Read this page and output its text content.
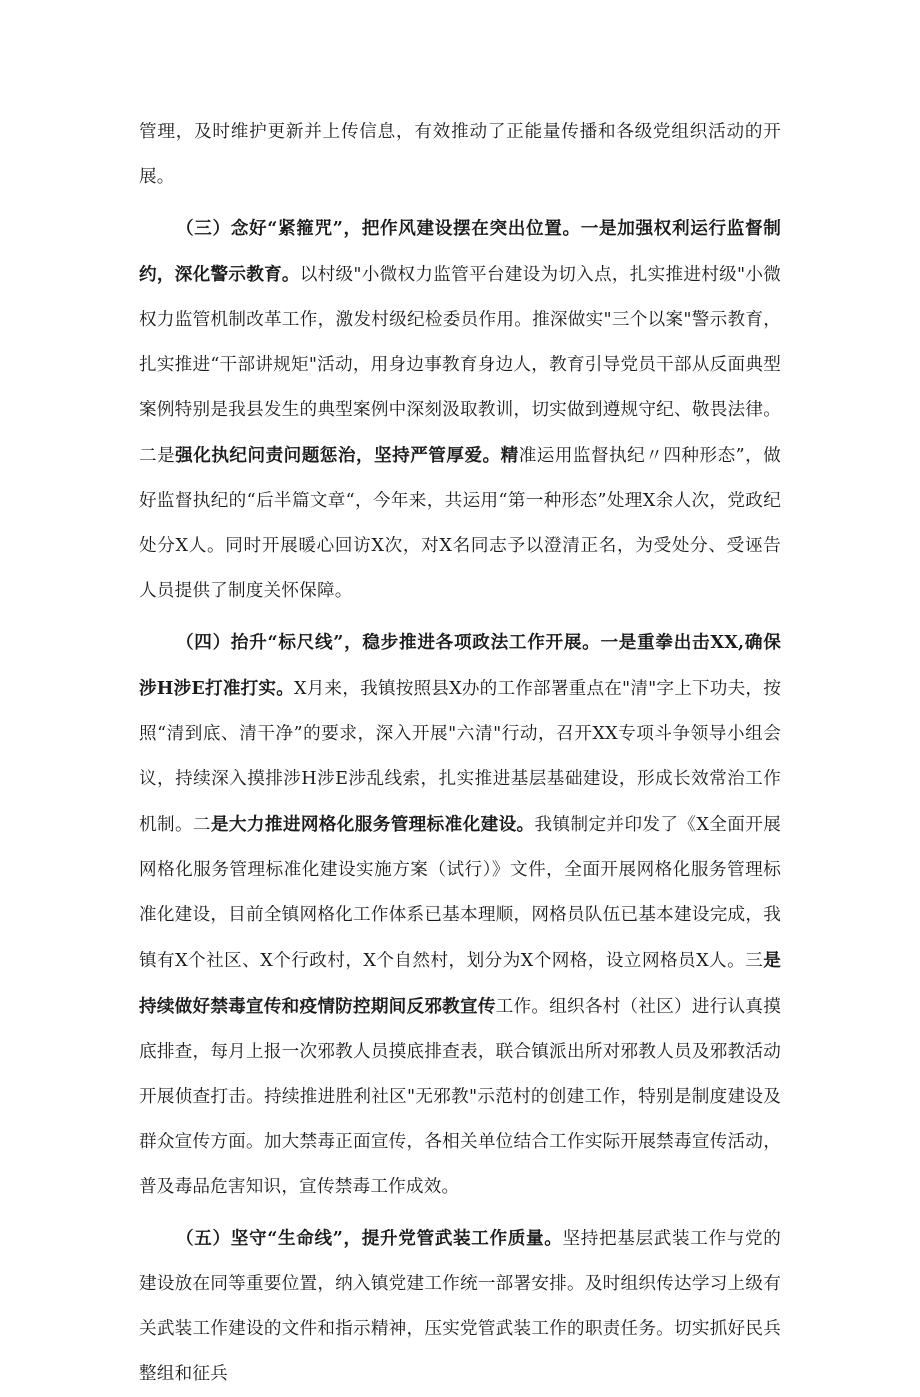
管理，及时维护更新并上传信息，有效推动了正能量传播和各级党组织活动的开展。

（三）念好“紧箍咒”，把作风建设摆在突出位置。一是加强权利运行监督制约，深化警示教育。以村级"小微权力监管平台建设为切入点，扎实推进村级"小微权力监管机制改革工作，激发村级纪检委员作用。推深做实"三个以案"警示教育，扎实推进“干部讲规矩"活动，用身边事教育身边人，教育引导党员干部从反面典型案例特别是我县发生的典型案例中深刻汲取教训，切实做到遵规守纪、敬畏法律。二是强化执纪问责问题惩治，坚持严管厚爱。精准运用监督执纪〃四种形态”，做好监督执纪的“后半篇文章“，今年来，共运用“第一种形态”处理X余人次，党政纪处分X人。同时开展暖心回访X次，对X名同志予以澄清正名，为受处分、受诬告人员提供了制度关怀保障。

（四）抬升“标尺线”，稳步推进各项政法工作开展。一是重拳出击XX,确保涉H涉E打准打实。X月来，我镇按照县X办的工作部署重点在"清"字上下功夫，按照“清到底、清干净”的要求，深入开展"六清"行动，召开XX专项斗争领导小组会议，持续深入摸排涉H涉E涉乱线索，扎实推进基层基础建设，形成长效常治工作机制。二是大力推进网格化服务管理标准化建设。我镇制定并印发了《X全面开展网格化服务管理标准化建设实施方案（试行）》文件，全面开展网格化服务管理标准化建设，目前全镇网格化工作体系已基本理顺，网格员队伍已基本建设完成，我镇有X个社区、X个行政村，X个自然村，划分为X个网格，设立网格员X人。三是持续做好禁毒宣传和疫情防控期间反邪教宣传工作。组织各村（社区）进行认真摸底排查，每月上报一次邪教人员摸底排查表，联合镇派出所对邪教人员及邪教活动开展侦查打击。持续推进胜利社区"无邪教"示范村的创建工作，特别是制度建设及群众宣传方面。加大禁毒正面宣传，各相关单位结合工作实际开展禁毒宣传活动，普及毒品危害知识，宣传禁毒工作成效。

（五）坚守“生命线”，提升党管武装工作质量。坚持把基层武装工作与党的建设放在同等重要位置，纳入镇党建工作统一部署安排。及时组织传达学习上级有关武装工作建设的文件和指示精神，压实党管武装工作的职责任务。切实抓好民兵整组和征兵
